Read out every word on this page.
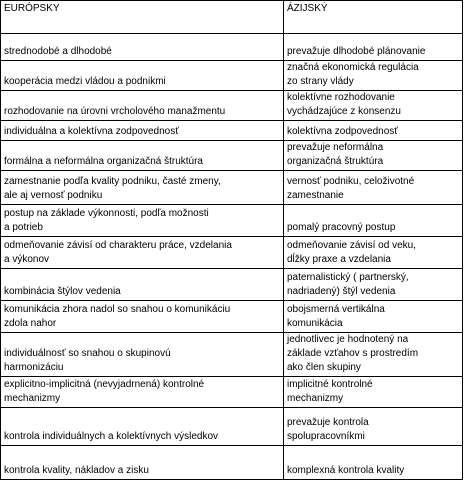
EURÓPSKY	ÁZIJSKÝ
strednodobé a dlhodobé	prevažuje dlhodobé plánovanie
kooperácia medzi vládou a podnikmi	značná ekonomická regulácia
zo strany vlády
rozhodovanie na úrovni vrcholového manažmentu	kolektívne rozhodovanie
vychádzajúce z konsenzu
individuálna a kolektívna zodpovednosť	kolektívna zodpovednosť
formálna a neformálna organizačná štruktúra	prevažuje neformálna
organizačná štruktúra
zamestnanie podľa kvality podniku, časté zmeny,
ale aj vernosť podniku	vernosť podniku, celoživotné
zamestnanie
postup na základe výkonnosti, podľa možnosti
a potrieb	pomalý pracovný postup
odmeňovanie závisí od charakteru práce, vzdelania
a výkonov	odmeňovanie závisí od veku,
dĺžky praxe a vzdelania
kombinácia štýlov vedenia	paternalistický ( partnerský,
nadriadený) štýl vedenia
komunikácia zhora nadol so snahou o komunikáciu
zdola nahor	obojsmerná vertikálna
komunikácia
individuálnosť so snahou o skupinovú
harmonizáciu	jednotlivec je hodnotený na
základe vzťahov s prostredím
ako člen skupiny
explicitno-implicitná (nevyjadrnená) kontrolné
mechanizmy	implicitné kontrolné
mechanizmy
kontrola individuálnych a kolektívnych výsledkov	prevažuje kontrola
spolupracovníkmi
kontrola kvality, nákladov a zisku	komplexná kontrola kvality
